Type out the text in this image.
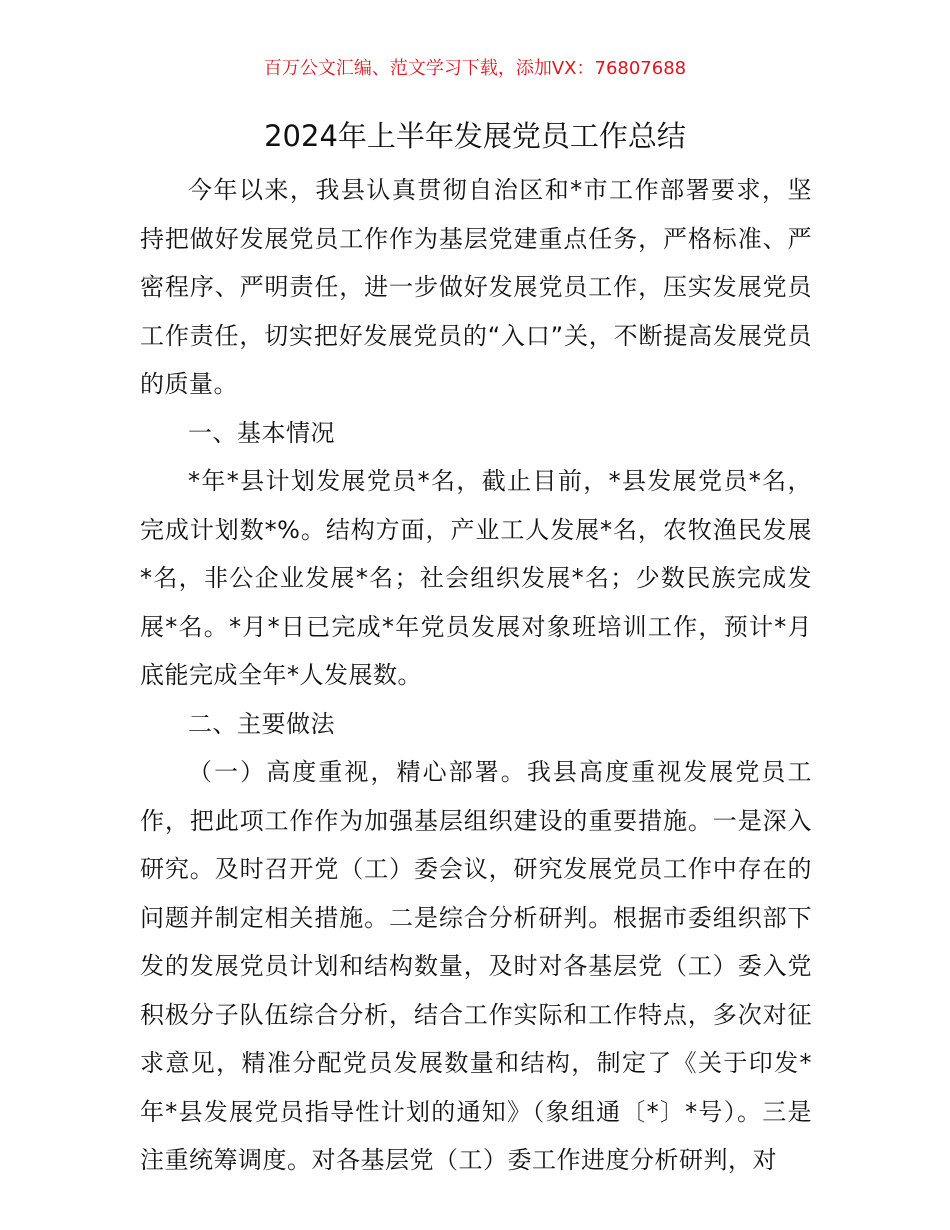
百万公文汇编、范文学习下载，添加VX：76807688
2024年上半年发展党员工作总结

今年以来，我县认真贯彻自治区和*市工作部署要求，坚持把做好发展党员工作作为基层党建重点任务，严格标准、严密程序、严明责任，进一步做好发展党员工作，压实发展党员工作责任，切实把好发展党员的“入口”关，不断提高发展党员的质量。

一、基本情况

*年*县计划发展党员*名，截止目前，*县发展党员*名，完成计划数*%。结构方面，产业工人发展*名，农牧渔民发展*名，非公企业发展*名；社会组织发展*名；少数民族完成发展*名。*月*日已完成*年党员发展对象班培训工作，预计*月底能完成全年*人发展数。

二、主要做法

（一）高度重视，精心部署。我县高度重视发展党员工作，把此项工作作为加强基层组织建设的重要措施。一是深入研究。及时召开党（工）委会议，研究发展党员工作中存在的问题并制定相关措施。二是综合分析研判。根据市委组织部下发的发展党员计划和结构数量，及时对各基层党（工）委入党积极分子队伍综合分析，结合工作实际和工作特点，多次对征求意见，精准分配党员发展数量和结构，制定了《关于印发*年*县发展党员指导性计划的通知》（象组通〔*〕*号）。三是注重统筹调度。对各基层党（工）委工作进度分析研判，对
